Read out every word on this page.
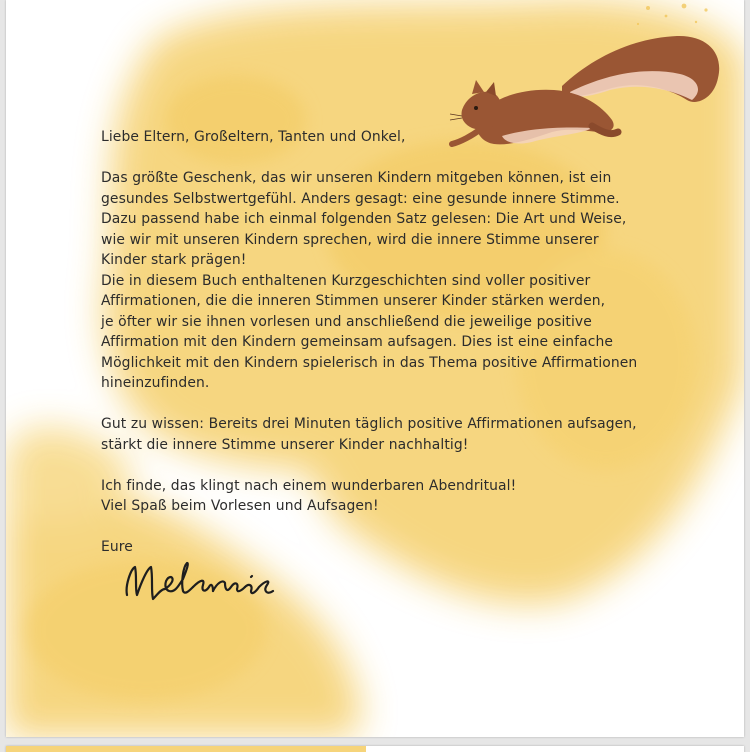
Liebe Eltern, Großeltern, Tanten und Onkel,

Das größte Geschenk, das wir unseren Kindern mitgeben können, ist ein

gesundes Selbstwertgefühl. Anders gesagt: eine gesunde innere Stimme.

Dazu passend habe ich einmal folgenden Satz gelesen: Die Art und Weise,

wie wir mit unseren Kindern sprechen, wird die innere Stimme unserer

Kinder stark prägen!

Die in diesem Buch enthaltenen Kurzgeschichten sind voller positiver

Affirmationen, die die inneren Stimmen unserer Kinder stärken werden,

je öfter wir sie ihnen vorlesen und anschließend die jeweilige positive

Affirmation mit den Kindern gemeinsam aufsagen. Dies ist eine einfache

Möglichkeit mit den Kindern spielerisch in das Thema positive Affirmationen

hineinzufinden.

Gut zu wissen: Bereits drei Minuten täglich positive Affirmationen aufsagen,

stärkt die innere Stimme unserer Kinder nachhaltig!

Ich finde, das klingt nach einem wunderbaren Abendritual!

Viel Spaß beim Vorlesen und Aufsagen!

Eure
